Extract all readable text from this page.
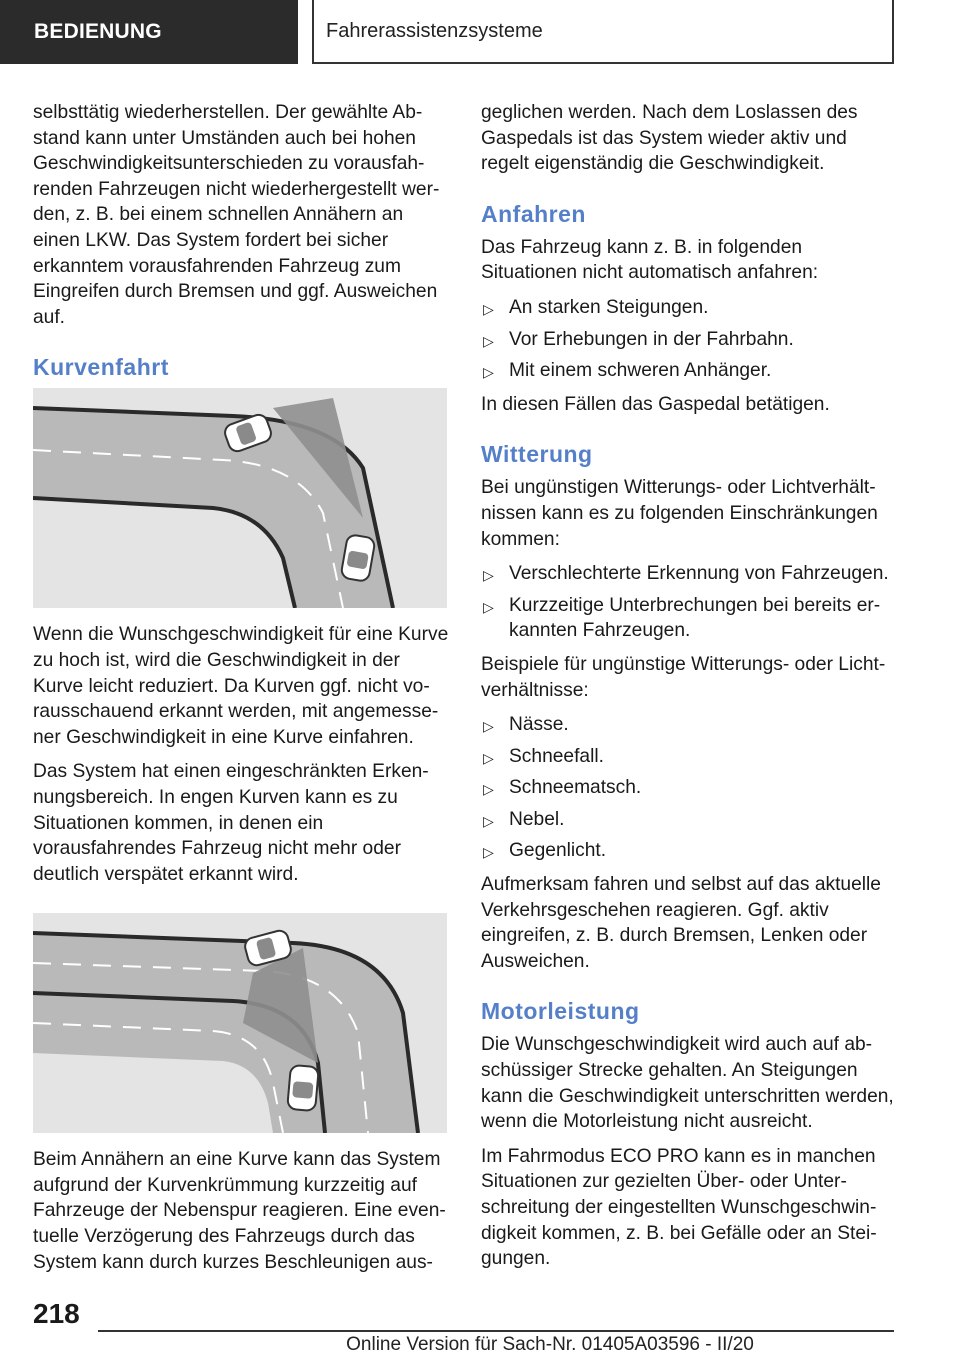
BEDIENUNG	Fahrerassistenzsysteme

selbsttätig wiederherstellen. Der gewählte Abstand kann unter Umständen auch bei hohen Geschwindigkeitsunterschieden zu vorausfahrenden Fahrzeugen nicht wiederhergestellt werden, z. B. bei einem schnellen Annähern an einen LKW. Das System fordert bei sicher erkanntem vorausfahrenden Fahrzeug zum Eingreifen durch Bremsen und ggf. Ausweichen auf.

Kurvenfahrt

Wenn die Wunschgeschwindigkeit für eine Kurve zu hoch ist, wird die Geschwindigkeit in der Kurve leicht reduziert. Da Kurven ggf. nicht vorausschauend erkannt werden, mit angemessener Geschwindigkeit in eine Kurve einfahren.

Das System hat einen eingeschränkten Erkennungsbereich. In engen Kurven kann es zu Situationen kommen, in denen ein vorausfahrendes Fahrzeug nicht mehr oder deutlich verspätet erkannt wird.

Beim Annähern an eine Kurve kann das System aufgrund der Kurvenkrümmung kurzzeitig auf Fahrzeuge der Nebenspur reagieren. Eine eventuelle Verzögerung des Fahrzeugs durch das System kann durch kurzes Beschleunigen aus-

geglichen werden. Nach dem Loslassen des Gaspedals ist das System wieder aktiv und regelt eigenständig die Geschwindigkeit.

Anfahren

Das Fahrzeug kann z. B. in folgenden Situationen nicht automatisch anfahren:

▷ An starken Steigungen.
▷ Vor Erhebungen in der Fahrbahn.
▷ Mit einem schweren Anhänger.

In diesen Fällen das Gaspedal betätigen.

Witterung

Bei ungünstigen Witterungs- oder Lichtverhältnissen kann es zu folgenden Einschränkungen kommen:

▷ Verschlechterte Erkennung von Fahrzeugen.
▷ Kurzzeitige Unterbrechungen bei bereits erkannten Fahrzeugen.

Beispiele für ungünstige Witterungs- oder Lichtverhältnisse:

▷ Nässe.
▷ Schneefall.
▷ Schneematsch.
▷ Nebel.
▷ Gegenlicht.

Aufmerksam fahren und selbst auf das aktuelle Verkehrsgeschehen reagieren. Ggf. aktiv eingreifen, z. B. durch Bremsen, Lenken oder Ausweichen.

Motorleistung

Die Wunschgeschwindigkeit wird auch auf abschüssiger Strecke gehalten. An Steigungen kann die Geschwindigkeit unterschritten werden, wenn die Motorleistung nicht ausreicht.

Im Fahrmodus ECO PRO kann es in manchen Situationen zur gezielten Über- oder Unterschreitung der eingestellten Wunschgeschwindigkeit kommen, z. B. bei Gefälle oder an Steigungen.

218
Online Version für Sach-Nr. 01405A03596 - II/20
